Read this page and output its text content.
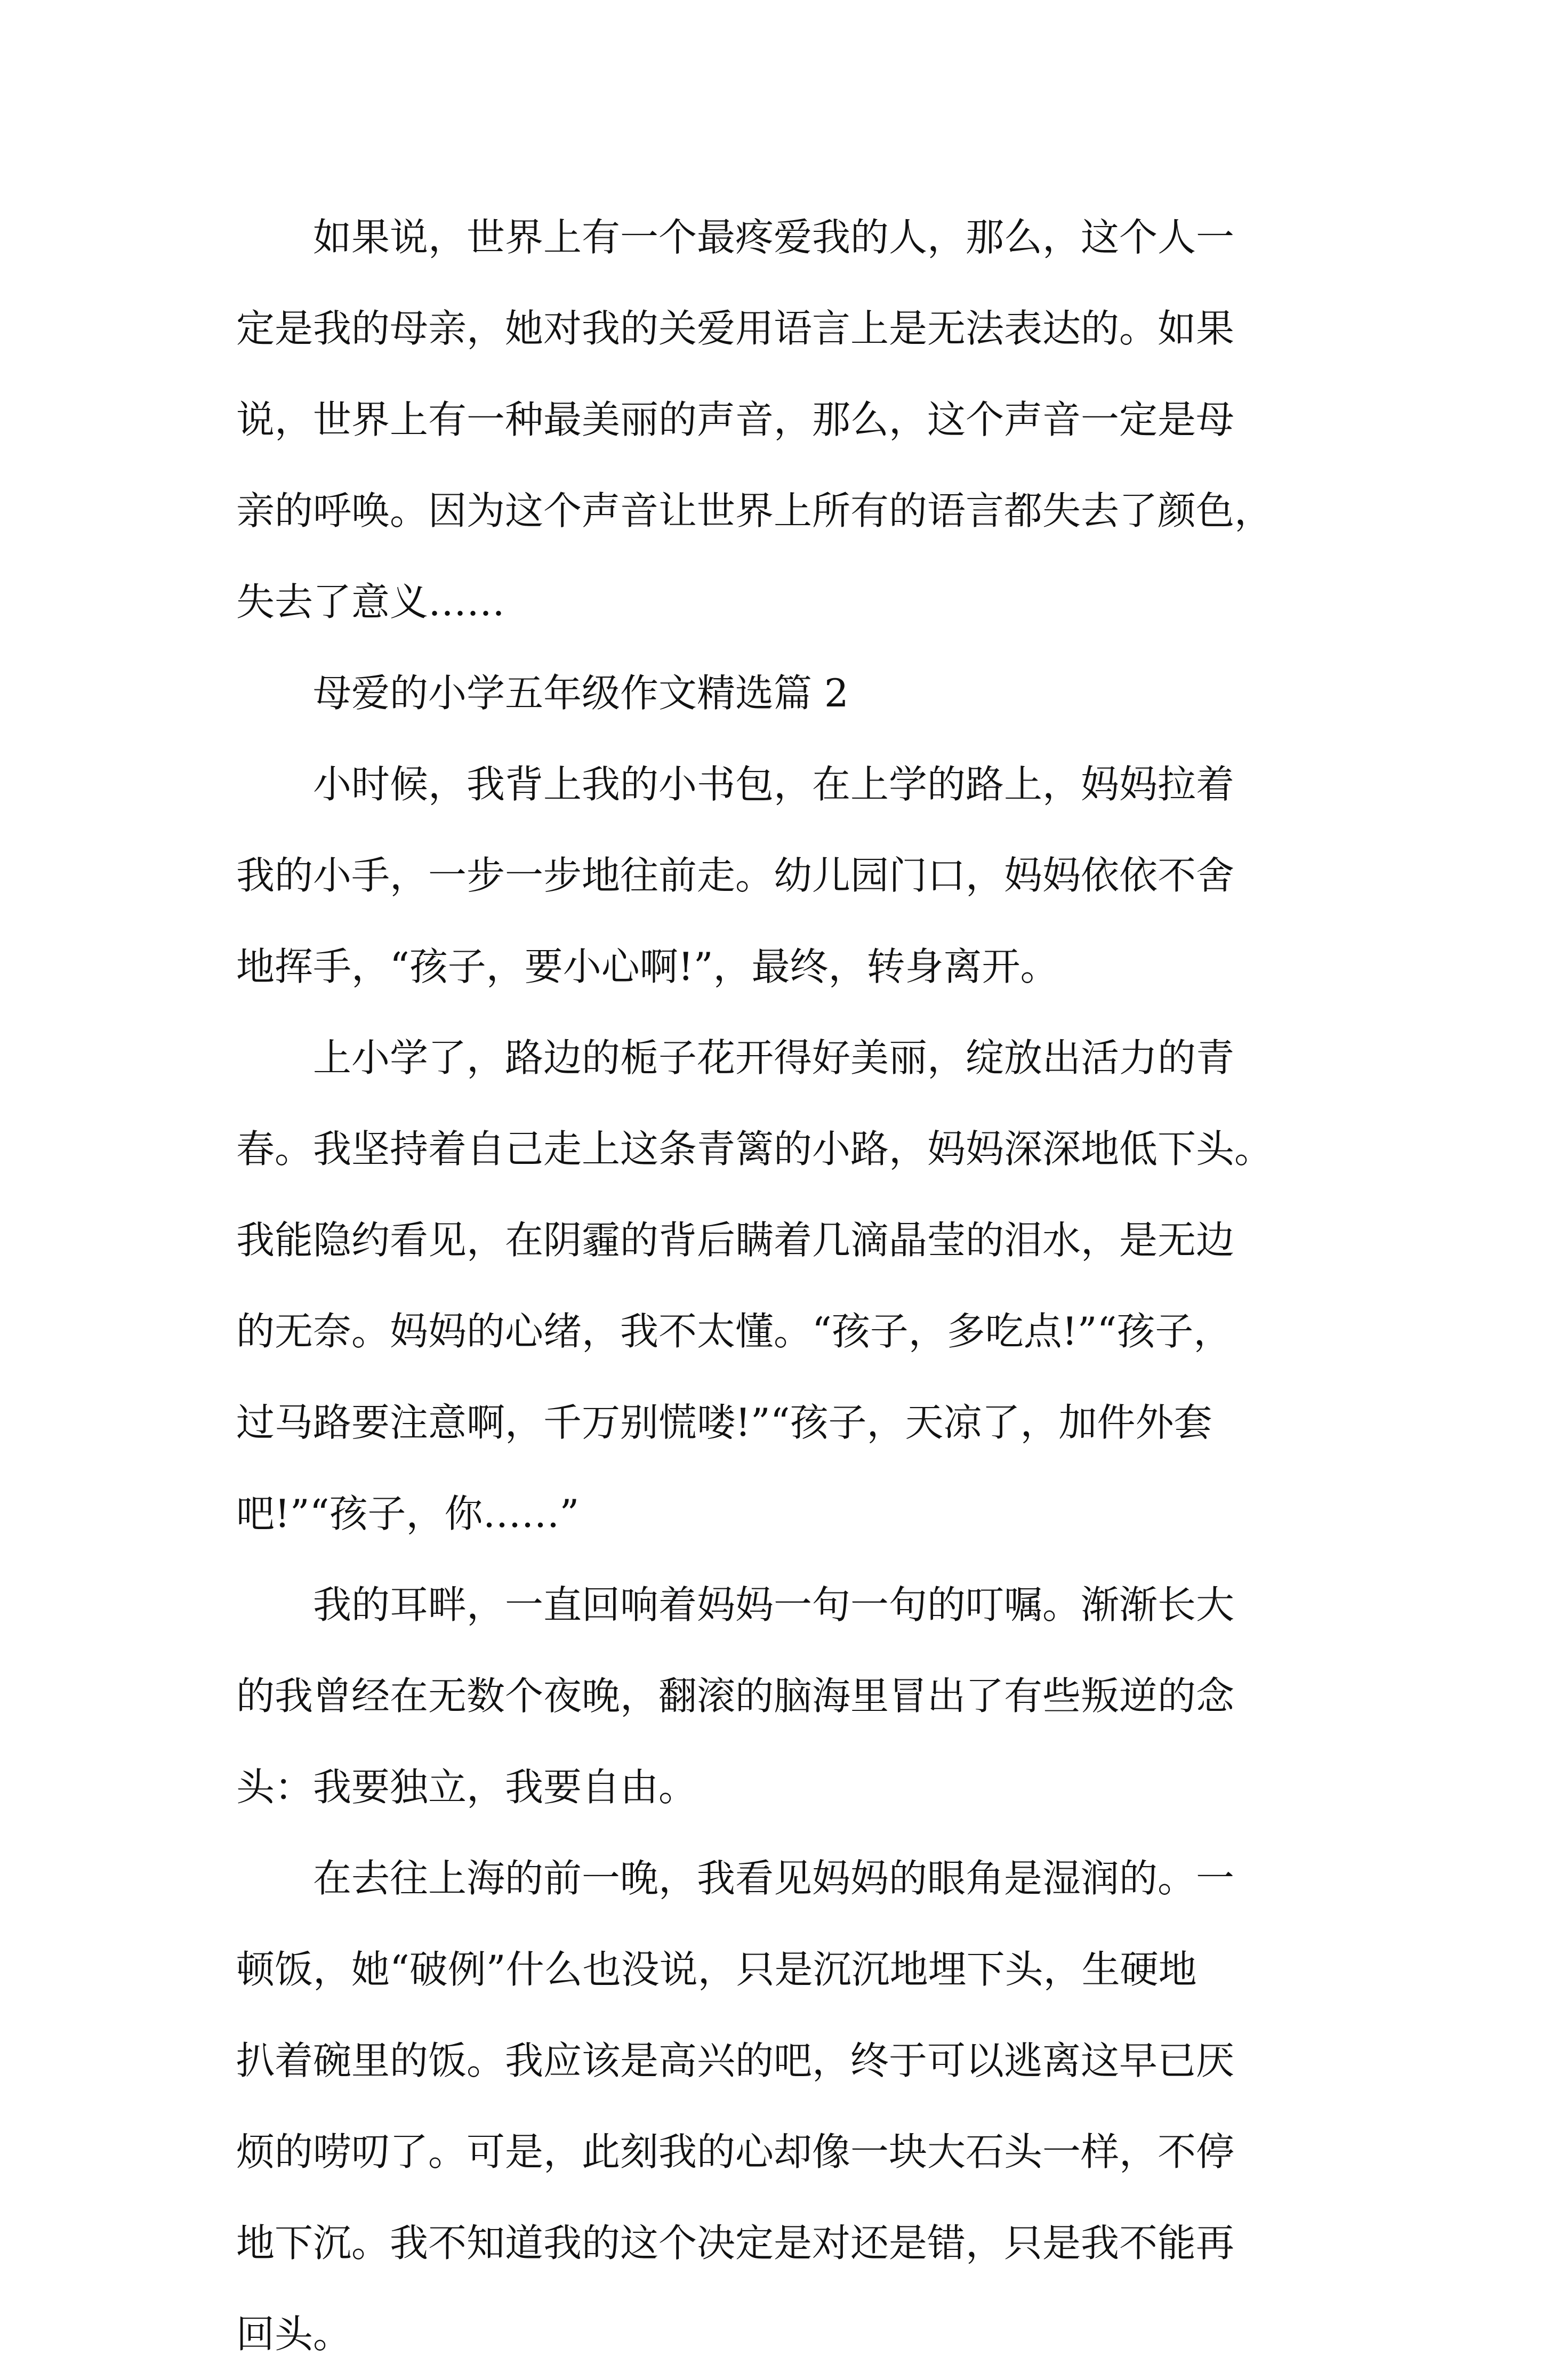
如果说，世界上有一个最疼爱我的人，那么，这个人一
定是我的母亲，她对我的关爱用语言上是无法表达的。如果
说，世界上有一种最美丽的声音，那么，这个声音一定是母
亲的呼唤。因为这个声音让世界上所有的语言都失去了颜色，
失去了意义……

母爱的小学五年级作文精选篇 2

小时候，我背上我的小书包，在上学的路上，妈妈拉着
我的小手，一步一步地往前走。幼儿园门口，妈妈依依不舍
地挥手，“孩子，要小心啊!”，最终，转身离开。

上小学了，路边的栀子花开得好美丽，绽放出活力的青
春。我坚持着自己走上这条青篱的小路，妈妈深深地低下头。
我能隐约看见，在阴霾的背后瞒着几滴晶莹的泪水，是无边
的无奈。妈妈的心绪，我不太懂。“孩子，多吃点!”“孩子，
过马路要注意啊，千万别慌喽!”“孩子，天凉了，加件外套
吧!”“孩子，你……”

我的耳畔，一直回响着妈妈一句一句的叮嘱。渐渐长大
的我曾经在无数个夜晚，翻滚的脑海里冒出了有些叛逆的念
头：我要独立，我要自由。

在去往上海的前一晚，我看见妈妈的眼角是湿润的。一
顿饭，她“破例”什么也没说，只是沉沉地埋下头，生硬地
扒着碗里的饭。我应该是高兴的吧，终于可以逃离这早已厌
烦的唠叨了。可是，此刻我的心却像一块大石头一样，不停
地下沉。我不知道我的这个决定是对还是错，只是我不能再
回头。
